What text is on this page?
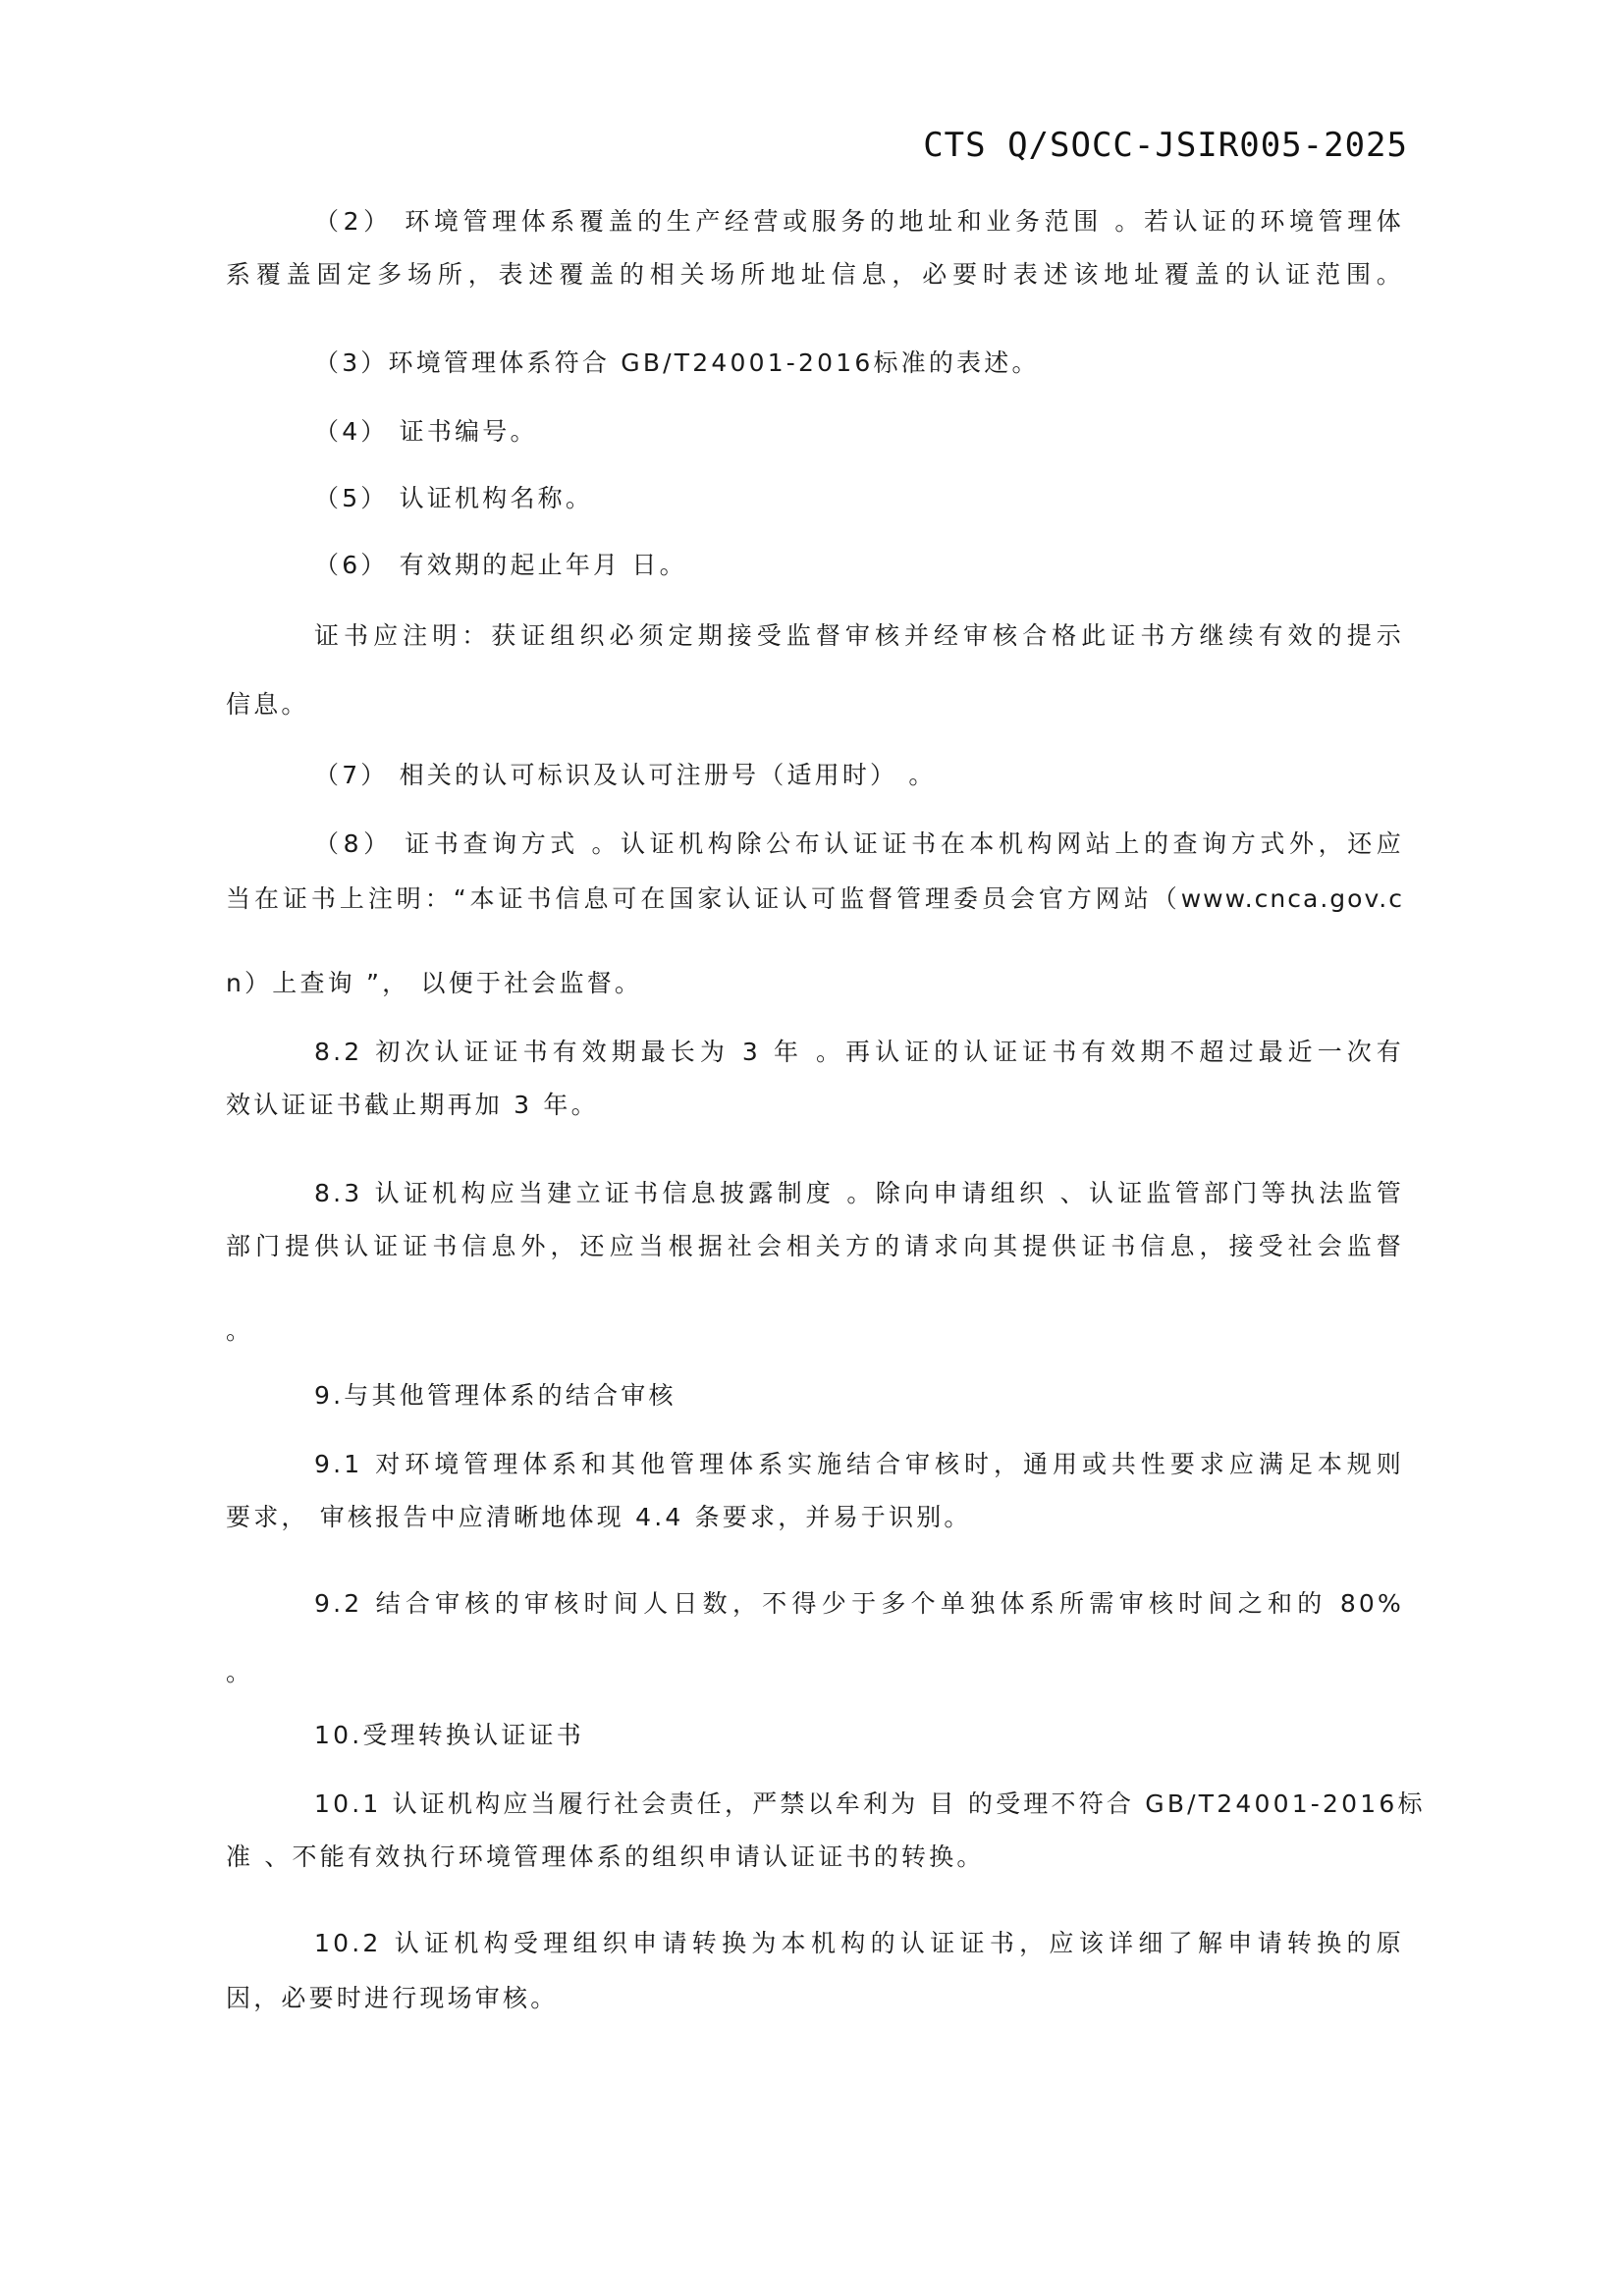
CTS Q/SOCC-JSIR005-2025
（2） 环境管理体系覆盖的生产经营或服务的地址和业务范围 。若认证的环境管理体
系覆盖固定多场所，表述覆盖的相关场所地址信息，必要时表述该地址覆盖的认证范围。
（3）环境管理体系符合 GB/T24001-2016标准的表述。
（4） 证书编号。
（5） 认证机构名称。
（6） 有效期的起止年月 日。
证书应注明：获证组织必须定期接受监督审核并经审核合格此证书方继续有效的提示
信息。
（7） 相关的认可标识及认可注册号（适用时） 。
（8） 证书查询方式 。认证机构除公布认证证书在本机构网站上的查询方式外，还应
当在证书上注明：“本证书信息可在国家认证认可监督管理委员会官方网站（www.cnca.gov.c
n）上查询 ”， 以便于社会监督。
8.2 初次认证证书有效期最长为 3 年 。再认证的认证证书有效期不超过最近一次有
效认证证书截止期再加 3 年。
8.3 认证机构应当建立证书信息披露制度 。除向申请组织 、认证监管部门等执法监管
部门提供认证证书信息外，还应当根据社会相关方的请求向其提供证书信息，接受社会监督
。
9.与其他管理体系的结合审核
9.1 对环境管理体系和其他管理体系实施结合审核时，通用或共性要求应满足本规则
要求， 审核报告中应清晰地体现 4.4 条要求，并易于识别。
9.2 结合审核的审核时间人日数，不得少于多个单独体系所需审核时间之和的 80%
。
10.受理转换认证证书
10.1 认证机构应当履行社会责任，严禁以牟利为 目 的受理不符合 GB/T24001-2016标
准 、不能有效执行环境管理体系的组织申请认证证书的转换。
10.2 认证机构受理组织申请转换为本机构的认证证书，应该详细了解申请转换的原
因，必要时进行现场审核。
